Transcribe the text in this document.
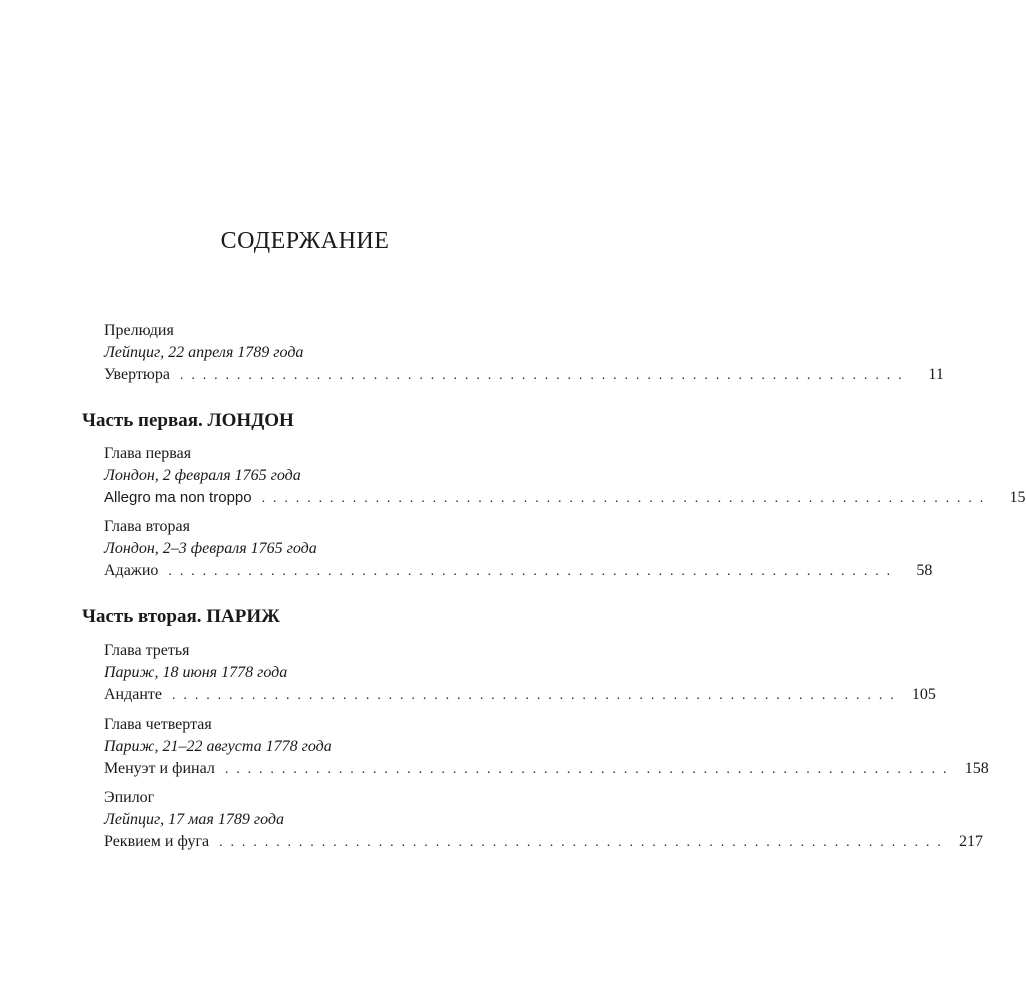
СОДЕРЖАНИЕ
Прелюдия
Лейпциг, 22 апреля 1789 года
Увертюра . . . . . . . . . . . . . . . . . . . . . . . . . . . . . . . . . . . . . . . . . . . . . . . . . . . . . . . . . . . . . . . .	11
Часть первая. ЛОНДОН
Глава первая
Лондон, 2 февраля 1765 года
Allegro ma non troppo . . . . . . . . . . . . . . . . . . . . . . . . . . . . . . . . . . . . . . . . . . . . . . . . . . . . . . . . . . . . . . . .	15
Глава вторая
Лондон, 2–3 февраля 1765 года
Адажио . . . . . . . . . . . . . . . . . . . . . . . . . . . . . . . . . . . . . . . . . . . . . . . . . . . . . . . . . . . . . . . .	58
Часть вторая. ПАРИЖ
Глава третья
Париж, 18 июня 1778 года
Анданте . . . . . . . . . . . . . . . . . . . . . . . . . . . . . . . . . . . . . . . . . . . . . . . . . . . . . . . . . . . . . . . . 105
Глава четвертая
Париж, 21–22 августа 1778 года
Менуэт и финал . . . . . . . . . . . . . . . . . . . . . . . . . . . . . . . . . . . . . . . . . . . . . . . . . . . . . . . . . . . . . . . . 158
Эпилог
Лейпциг, 17 мая 1789 года
Реквием и фуга . . . . . . . . . . . . . . . . . . . . . . . . . . . . . . . . . . . . . . . . . . . . . . . . . . . . . . . . . . . . . . . . 217
